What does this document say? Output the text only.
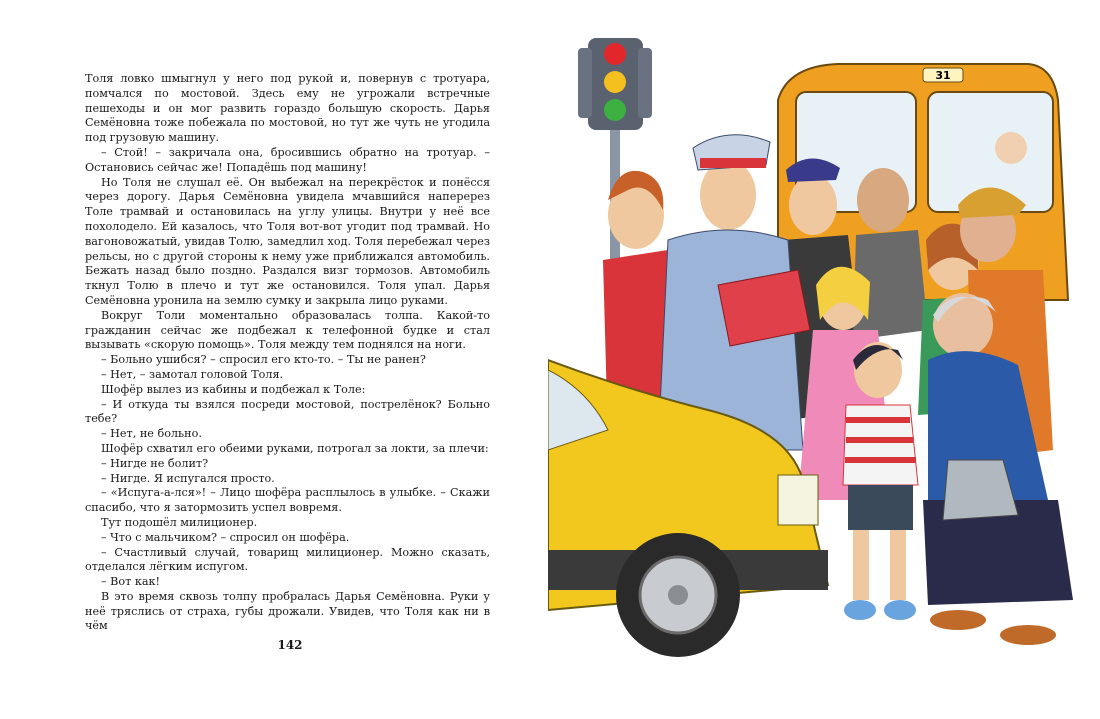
Толя ловко шмыгнул у него под рукой и, повернув с тротуара, помчался по мостовой. Здесь ему не угрожали встречные пешеходы и он мог развить гораздо большую скорость. Дарья Семёновна тоже побежала по мостовой, но тут же чуть не угодила под грузовую машину.

– Стой! – закричала она, бросившись обратно на тротуар. – Остановись сейчас же! Попадёшь под машину!

Но Толя не слушал её. Он выбежал на перекрёсток и понёсся через дорогу. Дарья Семёновна увидела мчавшийся наперерез Толе трамвай и остановилась на углу улицы. Внутри у неё все похолодело. Ей казалось, что Толя вот-вот угодит под трамвай. Но вагоновожатый, увидав Толю, замедлил ход. Толя перебежал через рельсы, но с другой стороны к нему уже приближался автомобиль. Бежать назад было поздно. Раздался визг тормозов. Автомобиль ткнул Толю в плечо и тут же остановился. Толя упал. Дарья Семёновна уронила на землю сумку и закрыла лицо руками.

Вокруг Толи моментально образовалась толпа. Какой-то гражданин сейчас же подбежал к телефонной будке и стал вызывать «скорую помощь». Толя между тем поднялся на ноги.

– Больно ушибся? – спросил его кто-то. – Ты не ранен?

– Нет, – замотал головой Толя.

Шофёр вылез из кабины и подбежал к Толе:

– И откуда ты взялся посреди мостовой, пострелёнок? Больно тебе?

– Нет, не больно.

Шофёр схватил его обеими руками, потрогал за локти, за плечи:

– Нигде не болит?

– Нигде. Я испугался просто.

– «Испуга-а-лся»! – Лицо шофёра расплылось в улыбке. – Скажи спасибо, что я затормозить успел вовремя.

Тут подошёл милиционер.

– Что с мальчиком? – спросил он шофёра.

– Счастливый случай, товарищ милиционер. Можно сказать, отделался лёгким испугом.

– Вот как!

В это время сквозь толпу пробралась Дарья Семёновна. Руки у неё тряслись от страха, губы дрожали. Увидев, что Толя как ни в чём

142
31
